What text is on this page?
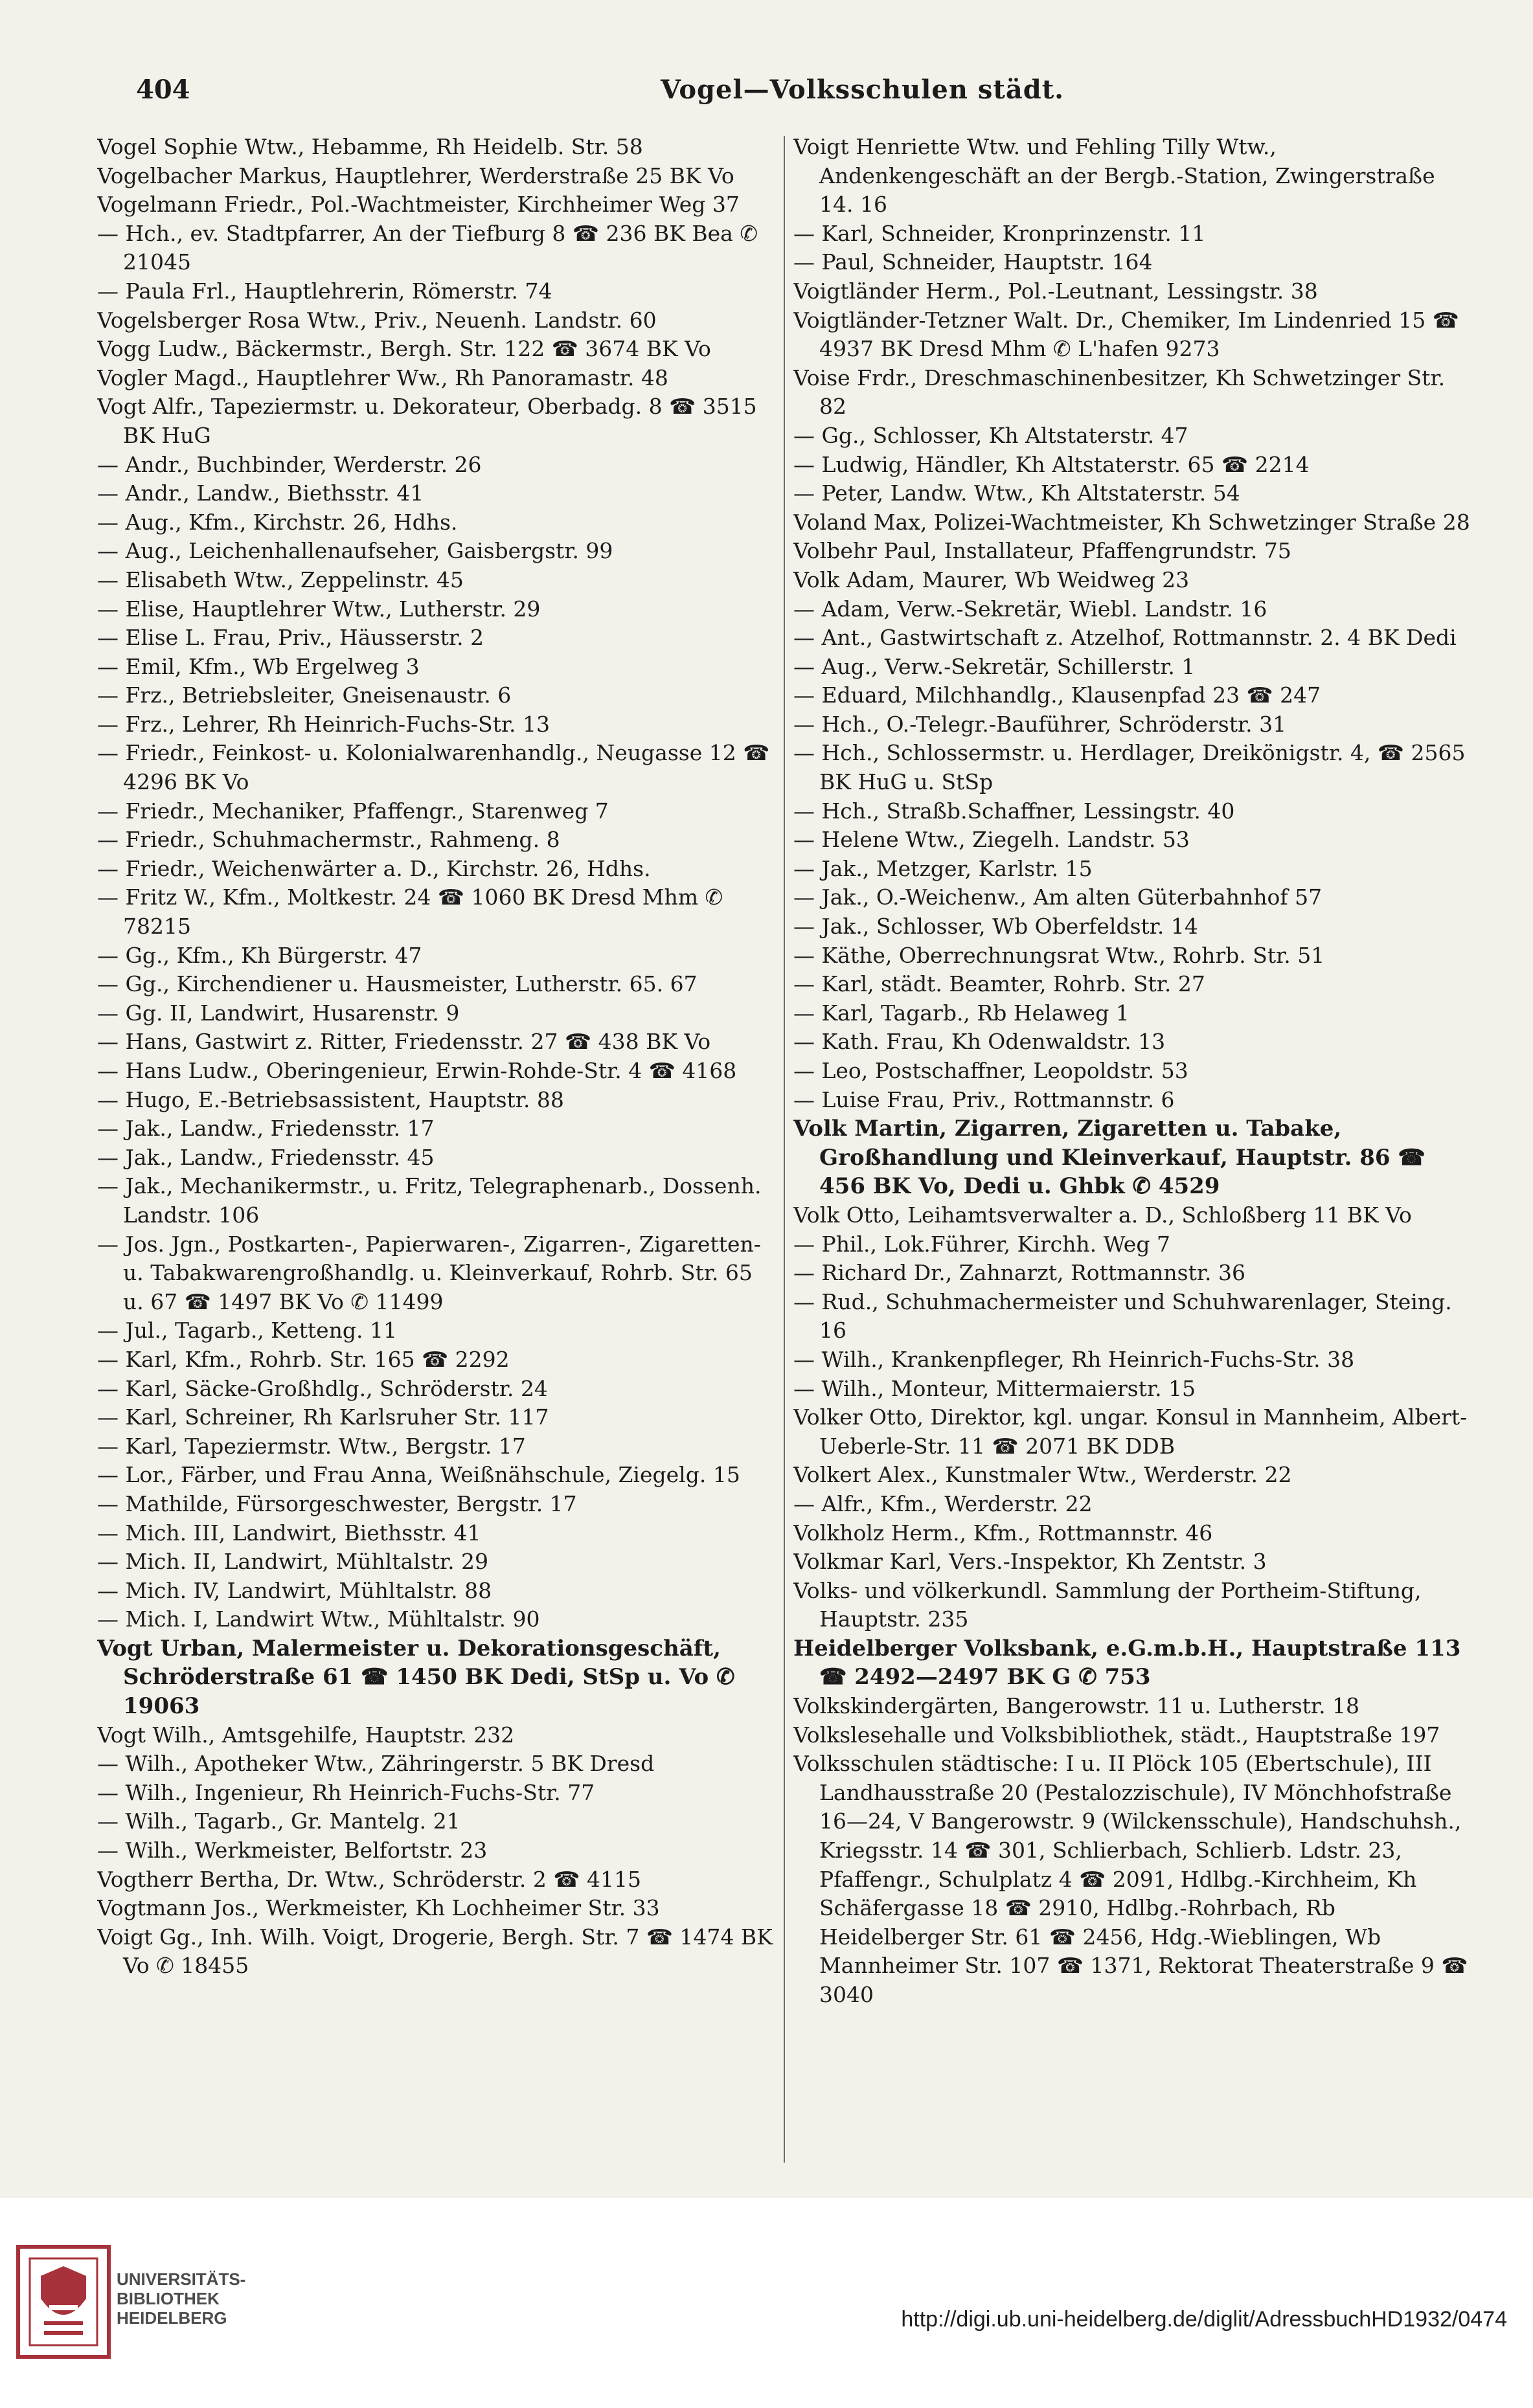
404	Vogel—Volksschulen städt.
Vogel Sophie Wtw., Hebamme, Rh Heidelb. Str. 58
Vogelbacher Markus, Hauptlehrer, Werderstraße 25 BK Vo
Vogelmann Friedr., Pol.-Wachtmeister, Kirchheimer Weg 37
— Hch., ev. Stadtpfarrer, An der Tiefburg 8 ☎ 236 BK Bea ✆ 21045
— Paula Frl., Hauptlehrerin, Römerstr. 74
Vogelsberger Rosa Wtw., Priv., Neuenh. Landstr. 60
Vogg Ludw., Bäckermstr., Bergh. Str. 122 ☎ 3674 BK Vo
Vogler Magd., Hauptlehrer Ww., Rh Panoramastr. 48
Vogt Alfr., Tapeziermstr. u. Dekorateur, Oberbadg. 8 ☎ 3515 BK HuG
— Andr., Buchbinder, Werderstr. 26
— Andr., Landw., Biethsstr. 41
— Aug., Kfm., Kirchstr. 26, Hdhs.
— Aug., Leichenhallenaufseher, Gaisbergstr. 99
— Elisabeth Wtw., Zeppelinstr. 45
— Elise, Hauptlehrer Wtw., Lutherstr. 29
— Elise L. Frau, Priv., Häusserstr. 2
— Emil, Kfm., Wb Ergelweg 3
— Frz., Betriebsleiter, Gneisenaustr. 6
— Frz., Lehrer, Rh Heinrich-Fuchs-Str. 13
— Friedr., Feinkost- u. Kolonialwarenhandlg., Neugasse 12 ☎ 4296 BK Vo
— Friedr., Mechaniker, Pfaffengr., Starenweg 7
— Friedr., Schuhmachermstr., Rahmeng. 8
— Friedr., Weichenwärter a. D., Kirchstr. 26, Hdhs.
— Fritz W., Kfm., Moltkestr. 24 ☎ 1060 BK Dresd Mhm ✆ 78215
— Gg., Kfm., Kh Bürgerstr. 47
— Gg., Kirchendiener u. Hausmeister, Lutherstr. 65. 67
— Gg. II, Landwirt, Husarenstr. 9
— Hans, Gastwirt z. Ritter, Friedensstr. 27 ☎ 438 BK Vo
— Hans Ludw., Oberingenieur, Erwin-Rohde-Str. 4 ☎ 4168
— Hugo, E.-Betriebsassistent, Hauptstr. 88
— Jak., Landw., Friedensstr. 17
— Jak., Landw., Friedensstr. 45
— Jak., Mechanikermstr., u. Fritz, Telegraphenarb., Dossenh. Landstr. 106
— Jos. Jgn., Postkarten-, Papierwaren-, Zigarren-, Zigaretten- u. Tabakwarengroßhandlg. u. Kleinverkauf, Rohrb. Str. 65 u. 67 ☎ 1497 BK Vo ✆ 11499
— Jul., Tagarb., Ketteng. 11
— Karl, Kfm., Rohrb. Str. 165 ☎ 2292
— Karl, Säcke-Großhdlg., Schröderstr. 24
— Karl, Schreiner, Rh Karlsruher Str. 117
— Karl, Tapeziermstr. Wtw., Bergstr. 17
— Lor., Färber, und Frau Anna, Weißnähschule, Ziegelg. 15
— Mathilde, Fürsorgeschwester, Bergstr. 17
— Mich. III, Landwirt, Biethsstr. 41
— Mich. II, Landwirt, Mühltalstr. 29
— Mich. IV, Landwirt, Mühltalstr. 88
— Mich. I, Landwirt Wtw., Mühltalstr. 90
Vogt Urban, Malermeister u. Dekorationsgeschäft, Schröderstraße 61 ☎ 1450 BK Dedi, StSp u. Vo ✆ 19063
Vogt Wilh., Amtsgehilfe, Hauptstr. 232
— Wilh., Apotheker Wtw., Zähringerstr. 5 BK Dresd
— Wilh., Ingenieur, Rh Heinrich-Fuchs-Str. 77
— Wilh., Tagarb., Gr. Mantelg. 21
— Wilh., Werkmeister, Belfortstr. 23
Vogtherr Bertha, Dr. Wtw., Schröderstr. 2 ☎ 4115
Vogtmann Jos., Werkmeister, Kh Lochheimer Str. 33
Voigt Gg., Inh. Wilh. Voigt, Drogerie, Bergh. Str. 7 ☎ 1474 BK Vo ✆ 18455
Voigt Henriette Wtw. und Fehling Tilly Wtw., Andenkengeschäft an der Bergb.-Station, Zwingerstraße 14. 16
— Karl, Schneider, Kronprinzenstr. 11
— Paul, Schneider, Hauptstr. 164
Voigtländer Herm., Pol.-Leutnant, Lessingstr. 38
Voigtländer-Tetzner Walt. Dr., Chemiker, Im Lindenried 15 ☎ 4937 BK Dresd Mhm ✆ L'hafen 9273
Voise Frdr., Dreschmaschinenbesitzer, Kh Schwetzinger Str. 82
— Gg., Schlosser, Kh Altstaterstr. 47
— Ludwig, Händler, Kh Altstaterstr. 65 ☎ 2214
— Peter, Landw. Wtw., Kh Altstaterstr. 54
Voland Max, Polizei-Wachtmeister, Kh Schwetzinger Straße 28
Volbehr Paul, Installateur, Pfaffengrundstr. 75
Volk Adam, Maurer, Wb Weidweg 23
— Adam, Verw.-Sekretär, Wiebl. Landstr. 16
— Ant., Gastwirtschaft z. Atzelhof, Rottmannstr. 2. 4 BK Dedi
— Aug., Verw.-Sekretär, Schillerstr. 1
— Eduard, Milchhandlg., Klausenpfad 23 ☎ 247
— Hch., O.-Telegr.-Bauführer, Schröderstr. 31
— Hch., Schlossermstr. u. Herdlager, Dreikönigstr. 4, ☎ 2565 BK HuG u. StSp
— Hch., Straßb.Schaffner, Lessingstr. 40
— Helene Wtw., Ziegelh. Landstr. 53
— Jak., Metzger, Karlstr. 15
— Jak., O.-Weichenw., Am alten Güterbahnhof 57
— Jak., Schlosser, Wb Oberfeldstr. 14
— Käthe, Oberrechnungsrat Wtw., Rohrb. Str. 51
— Karl, städt. Beamter, Rohrb. Str. 27
— Karl, Tagarb., Rb Helaweg 1
— Kath. Frau, Kh Odenwaldstr. 13
— Leo, Postschaffner, Leopoldstr. 53
— Luise Frau, Priv., Rottmannstr. 6
Volk Martin, Zigarren, Zigaretten u. Tabake, Großhandlung und Kleinverkauf, Hauptstr. 86 ☎ 456 BK Vo, Dedi u. Ghbk ✆ 4529
Volk Otto, Leihamtsverwalter a. D., Schloßberg 11 BK Vo
— Phil., Lok.Führer, Kirchh. Weg 7
— Richard Dr., Zahnarzt, Rottmannstr. 36
— Rud., Schuhmachermeister und Schuhwarenlager, Steing. 16
— Wilh., Krankenpfleger, Rh Heinrich-Fuchs-Str. 38
— Wilh., Monteur, Mittermaierstr. 15
Volker Otto, Direktor, kgl. ungar. Konsul in Mannheim, Albert-Ueberle-Str. 11 ☎ 2071 BK DDB
Volkert Alex., Kunstmaler Wtw., Werderstr. 22
— Alfr., Kfm., Werderstr. 22
Volkholz Herm., Kfm., Rottmannstr. 46
Volkmar Karl, Vers.-Inspektor, Kh Zentstr. 3
Volks- und völkerkundl. Sammlung der Portheim-Stiftung, Hauptstr. 235
Heidelberger Volksbank, e.G.m.b.H., Hauptstraße 113 ☎ 2492—2497 BK G ✆ 753
Volkskindergärten, Bangerowstr. 11 u. Lutherstr. 18
Volkslesehalle und Volksbibliothek, städt., Hauptstraße 197
Volksschulen städtische: I u. II Plöck 105 (Ebertschule), III Landhausstraße 20 (Pestalozzischule), IV Mönchhofstraße 16—24, V Bangerowstr. 9 (Wilckensschule), Handschuhsh., Kriegsstr. 14 ☎ 301, Schlierbach, Schlierb. Ldstr. 23, Pfaffengr., Schulplatz 4 ☎ 2091, Hdlbg.-Kirchheim, Kh Schäfergasse 18 ☎ 2910, Hdlbg.-Rohrbach, Rb Heidelberger Str. 61 ☎ 2456, Hdg.-Wieblingen, Wb Mannheimer Str. 107 ☎ 1371, Rektorat Theaterstraße 9 ☎ 3040
UNIVERSITÄTS-
BIBLIOTHEK
HEIDELBERG	http://digi.ub.uni-heidelberg.de/diglit/AdressbuchHD1932/0474
